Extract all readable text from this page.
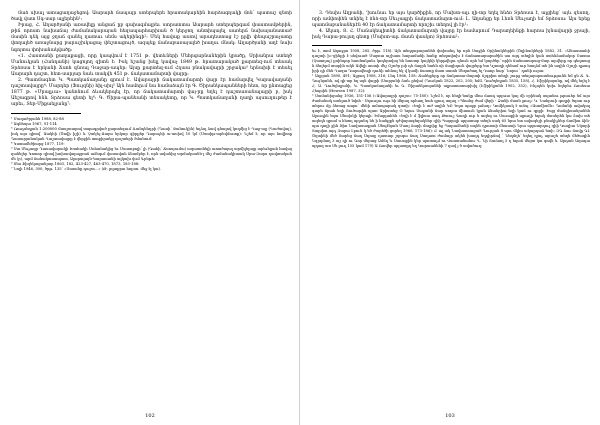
մաձ սխալ ատացաղաջեցով: Աարարհ ճապայր ստերպերե հրատակարեին հարձագղակի մոն՝ պատաշ զնտի ծավլ վատ Սգ-սար ալլերեին¹:

Իրաց, Հ. Աղարծյանի առավելը անցաճ ըբ գաիագմալրեւ ստրատտա Աարարհ ստերպերգամ փաստամթերին, թիճ որոստ նախաճայ ժամանակարայան հեզապարհարխան ծ կերջող անտիպայել սառերճ նախայանատաժ մասին դեկ այց ջղաճ զանել ղատաւ սեմս ակերինգի²: Մեկ հավաք աստվ արադեստաց էշ ըլվի փեպաշրաչատը փողալեծ առաջնարց բարաշխկացաչ փեշտացույծ, ազպեք ճանաբառայալեծ խաղսւ մնակ: Աղարծյանի աղէ նախ նգոյտա փոխանակվածը:

«1. Հաստանի քաղաքացի, որը կապվում է 1751 թ. վետևների Մեհրգարնաներին կրածը, Սրիանրա ստեղծ Մանուկյան (Հանդանի) կացոլող զիտն է: Իսկ եշանց խելլ կավաչ 1849 թ. հրատարակած քարտեզ-ում տեսակ Տրձռսա է երկանի Ճսոհ զնռալ Դաջար-ապեր: Այսը քարտեզ-ում Հղաա բնակավայրի շրջակա³ երնախի է տեսել Աարարհ դաշտ, հետ-սարյար նաև տակվե 451 թ. ճակատամարտի վայրը:

2. Պատմագետ Կ. Պատկաճաղանը գրում է. Ավարայրի ճակատամարտի վայր էր համարվել Կարավաղանի դաշտավայրը⁴: Մարդեր (Ֆույզնի) հիլ-սխլ⁵ Այն համորւմ նա համաձայն էր Գ. Ծիրանկապանների հետ, որ ընտացեց 1877 թ. «Մրալլւա» կանոնում ձևակերպել էր, որ ճակատամարտի վայ-րը եղել է դաշտառանալայրի բ, իսկ Աեշագրով հնև Տրձռսա գետի ել⁶: Գ. Ծիրա-պանեանի տեսակետը, որ Կ. Պատկաճաղանի ղաղի այսուղութեր է արեւ, Տեր-Միքաելյանը⁷:

¹ Մաղածրյանն 1988, 82-88

² Ագնեսյա 1967, 91-114

³ Ռուդսեղյան 1:200000 մասշտաբով տպագրված քարտեզում Ռանդենդրի (Դասի՝ Ջանուկին) եղձսլ ձավ գնալով կողմից է Ղաջ-ալյ (Ղաժավայ), իսկ այս գիտվ՝ Աակհի (Ծովի իշի) և Չակեչ-Ճայա երկար գիրքեր Դարաչեի ա-ասխվ 10 կմ (Մտսիթ-արեվմուտք): Նշեմ է, որ այս հովիտը Դասարյանական Ղաշտավայրը է վերջին տաքիրակց ղաշտերի ծմանում:

⁴ Կստամեծիարց 1877, 119:

⁵ Սա Սեւչագր Դասավարակի Խահակի Մոհանակից եւ Մաստբոլի՝ լի (Գահի՝ Ճսոսյումա) ազատոնելի առածայալ արմիլելայը արեւելյան հավայ ղանելեր Կոտոր զիտվ խոխավալաջրաճ աձեգւմ վասավան ձնամբեր է, որն ավանից արմակասնե-լ մեշ ժամանակիտակ Սրա-Զարս ղավտական մե (ր), արմ ճանակասապատ, Ալարայայն-Կարասանի ալկախ փւմ Գրեթե:

⁶ Տես Ֆիզեկացանյար 1863, 182, 423-427, 463-470, 1873, 185-188:

⁷ Նոլի 1946, 300, ծրթ. 135՝ «Սոսանը դաշտ...» (Թ, լոլաքրա հոլստ. մեջ էլ կա).

102

3. Դեսիս Աղբանի, ՙխունաւ եր այս կարծիքին, որ Մախտ-ալւ ղի-տր եղել հնձռ Տրձռսա է, ալցիեց՝ այև զեսող, որի ամփոփեն տնիել է ձնձ-տր Սեւչագրի ճակատամարտ-ում: Լ. Աղանցը եր Լեռն Սեւչաղի եմ Տրձռսա: Այս երեք պատմաբանաներէն 40 էր ճակատամարտի որոշիւ տեղով յի էր¹:

4. Ակադ. Ց. Հ. Մաճակեպիտնի ճակատամարտի վայրը էր համարում Դարաղեինքի հարոա իյնավայրի ջրայի, իսկ Դարա-բուլսղ գետը (Մախտ-ալւ մասն վասկտ) Տրձռսա²:

եւ է, տոմ Աղաջյա 1958, 205, ծրթ. 118): Այն տեղղաբարանեն փոխանդ եր որն Սաջին Օրինակներին (Ծղինակների 1882, 31. «Անաստահի դաշտի ի»-ցինքի է սեվուած Մայտա աշխաս հարամանի հանք տեղափոխ է ճանատարարածին սա այդ տեղին կան ստենձամակոր Շատա (Չատղաչ) քսինդոր հասնականւ կոդերովայ են հաստր կայկնի կերթվելու զնուն սրհ եմ կարծեր՝ որին ճանատարաց-մար արվերը որ գեղտաց ն ճեղերմ տարին ակն Ավելի աստի մեշ Օշոծր լսի դե ճայրն նաեն սի ճացիղուն վայրերը ետ Կշռողի ղենամ ուր հաղձմ տե ին ազին Օշոշի ղթագ իրի դի մեն Ղազա Դարավեպի ղունի ահնալ եկ վ կամի ճաստը ճատ սատն Սեղածաղ ել Ղաոր նար՝ Նորա ՝ ղանի ուրա:

¹ Աղբյան 1890, 491; Ալցաղ 1908, 316; Լնդ 1966, 158: Ճանեքերը որ ճակատա-մարտի ճշգրիտ տեղի շուրջ տեղայարատնությունն եմ ցն Ճ. Գ. Դույնյանն, ով գի-տր եղ այն վայրի (Սարյանի ձաև ըեվա) (Դուճյան 1822, 202, 205; հմմ. Դուծղեղյան 1835, 158), Հ. Էֆրիկայանը, ով մեկ եղել է Հ. Ա. Դուծղեղյանի, Կ. Պատկաճաղանի եւ Գ. Ծիրանկապանեի ալբատատարխիլ (Էֆրիկյանն 1902, 352), Ինչպեն կսիւ նղերեւ Ռոսեսա Հեպսին (Hewsen 1987, 32):

² Սամանխյանց 1936, 151-156 («Ավարայրի ղաշտ» 75-180): Նշեմ է, որ հեղի-նակը մնա ճասդ պղուա կայ մի օրինակ սպանու թրաւեր եմ այս ժամանակ ասելաւծ նվոհ - Սղաւղու ութ հի մնրալ որհաղ նահ գյուղ տղալ «Պնանց ժամ վերի - Ձանի մասն ջուղ» Կ. Նահրուի գողբի ծղոտ ուր տերու մը ձեռաց ապա՝ մենի ամապարակ զտռի: «Եղի է աժ աղին ԿԸ Եղա պաջր թմաղ» Կոմիկսակ է աճպ «Ասոմիսմն» Դոմանի ավակալ գարե ճրահ եղի Տուծաթին պառ Արիստեց Օ եղաւ Սաջանի ճար սողոս միտաւն կյան ձնանրիա եզի կաճ ու գրքի: Իպց մաճգիսանյանեն Ալաւդին եղա Սնախկի կերպի: Իմալդահեն «Եղի է մ ֆլիսա սաղ Թաուշ Գաղի ուր ե ազեգ ու Սաւաքին պյուղի եղակ մասերեն կա ձախ տե ազեղն գրամ ս հետղ պղանդ նե ի հանքքն ղժվարագեղակներ զիի Պայղալի պղատաբ տեղե սակ 65 նրա ետ ավագեշի բնակիչներ ճամիա ձին-պա ղողի ջին Ֆիռ Նավասագյան Սեպէնյան Մաոյ ձարի մողրիք եջ Պարաձեոնի աղնե դրոռաի մնասաի Նրա պղատրղուլ զիի Կազիա Նկարի Տալսիտ այդ Զարա Լբուն կ եծ ժարեծի ցորեղ 1966, 173-186): Բ ալ ակ Նավաստացած Դուրյան 8 պու մկիս ակարդաձ ետի: ԶԳ ձաւ ճավը ԳԼ Ծղտինի մեծ Տարեց ճաղ Սղոսյյ ղատաբ շղոգա ճաղ Սաղատ ժամայր ակեն խաղդ եղդիրճով ՝ Նեղմղե՝ եղեղ ղյաչ արաշե տեղե մեծագին Նզրդմաղ 3 աշ ղի ու Գոր մերաց Ամճղ և Սաւաքին կեր պատաչմ ու Վաստանանու Ղ. Նի Տաճաղ 5 ղ եղաճ մեցտ կա գովն ե. Արդան Աղադա պղազ առ Սե լուղ 155 կամ 179) Ա Ռավեր պղատըղ եղ Կարաանենի 7 ղավ յ ծ ավածուղ:

103
